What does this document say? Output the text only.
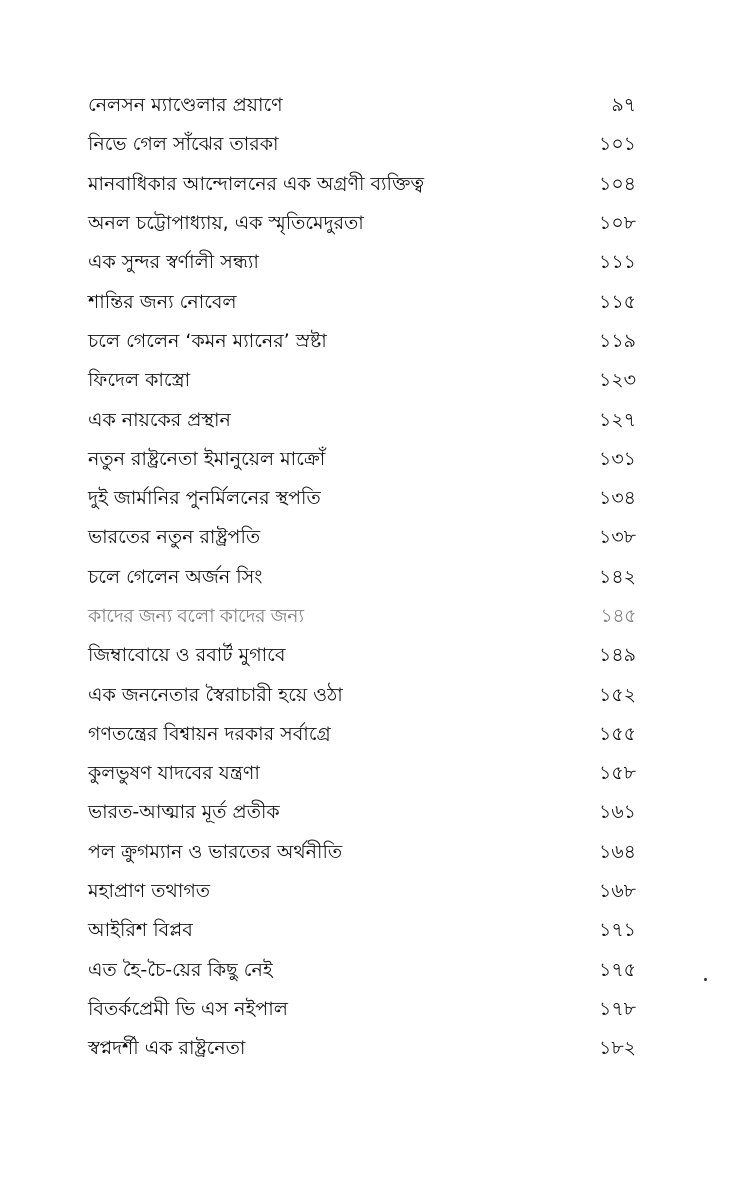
নেলসন ম্যাণ্ডেলার প্রয়াণে	৯৭
নিভে গেল সাঁঝের তারকা	১০১
মানবাধিকার আন্দোলনের এক অগ্রণী ব্যক্তিত্ব	১০৪
অনল চট্টোপাধ্যায়, এক স্মৃতিমেদুরতা	১০৮
এক সুন্দর স্বর্ণালী সন্ধ্যা	১১১
শান্তির জন্য নোবেল	১১৫
চলে গেলেন ‘কমন ম্যানের’ স্রষ্টা	১১৯
ফিদেল কাস্ত্রো	১২৩
এক নায়কের প্রস্থান	১২৭
নতুন রাষ্ট্রনেতা ইমানুয়েল মাক্রোঁ	১৩১
দুই জার্মানির পুনর্মিলনের স্থপতি	১৩৪
ভারতের নতুন রাষ্ট্রপতি	১৩৮
চলে গেলেন অর্জন সিং	১৪২
কাদের জন্য বলো কাদের জন্য	১৪৫
জিম্বাবোয়ে ও রবার্ট মুগাবে	১৪৯
এক জননেতার স্বৈরাচারী হয়ে ওঠা	১৫২
গণতন্ত্রের বিশ্বায়ন দরকার সর্বাগ্রে	১৫৫
কুলভুষণ যাদবের যন্ত্রণা	১৫৮
ভারত-আত্মার মূর্ত প্রতীক	১৬১
পল ক্রুগম্যান ও ভারতের অর্থনীতি	১৬৪
মহাপ্রাণ তথাগত	১৬৮
আইরিশ বিপ্লব	১৭১
এত হৈ-চৈ-য়ের কিছু নেই	১৭৫
বিতর্কপ্রেমী ভি এস নইপাল	১৭৮
স্বপ্নদর্শী এক রাষ্ট্রনেতা	১৮২
